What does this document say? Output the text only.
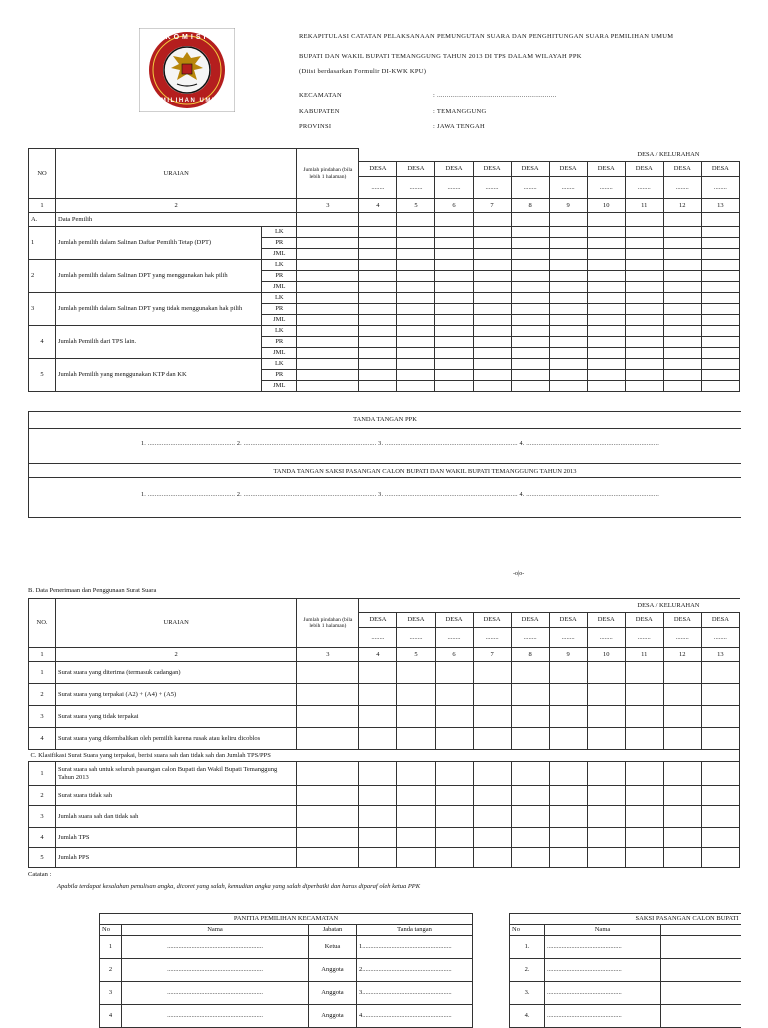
KOMISI
PEMILIHAN UMUM
REKAPITULASI CATATAN PELAKSANAAN PEMUNGUTAN SUARA DAN PENGHITUNGAN SUARA PEMILIHAN UMUM
BUPATI DAN WAKIL BUPATI TEMANGGUNG TAHUN 2013 DI TPS DALAM WILAYAH PPK
(Diisi berdasarkan Formulir DI-KWK KPU)
KECAMATAN	: ..............................................................
KABUPATEN	: TEMANGGUNG
PROVINSI	: JAWA TENGAH
NO	URAIAN		Jumlah pindahan (bila lebih 1 halaman)	DESA / KELURAHAN									
				DESA	DESA	DESA	DESA	DESA	DESA	DESA	DESA	DESA	DESA
				........	........	........	........	........	........	........	........	........	........
1	2		3	4	5	6	7	8	9	10	11	12	13
A.	Data Pemilih												
1	Jumlah pemilih dalam Salinan Daftar Pemilih Tetap (DPT)	LK											
		PR											
		JML											
2	Jumlah pemilih dalam Salinan DPT yang menggunakan hak pilih	LK											
		PR											
		JML											
3	Jumlah pemilih dalam Salinan DPT yang tidak menggunakan hak pilih	LK											
		PR											
		JML											
4	Jumlah Pemilih dari TPS lain.	LK											
		PR											
		JML											
5	Jumlah Pemilih yang menggunakan KTP dan KK	LK											
		PR											
		JML											
TANDA TANGAN PPK
1. .................................................. 2. ............................................................................ 3. ............................................................................ 4. ............................................................................
TANDA TANGAN SAKSI PASANGAN CALON BUPATI DAN WAKIL BUPATI TEMANGGUNG TAHUN 2013
1. .................................................. 2. ............................................................................ 3. ............................................................................ 4. ............................................................................
-o|o-
B. Data Penerimaan dan Penggunaan Surat Suara
NO.	URAIAN	Jumlah pindahan (bila lebih 1 halaman)	DESA / KELURAHAN									
			DESA	DESA	DESA	DESA	DESA	DESA	DESA	DESA	DESA	DESA
			........	........	........	........	........	........	........	........	........	........
1	2	3	4	5	6	7	8	9	10	11	12	13
1	Surat suara yang diterima (termasuk cadangan)											
2	Surat suara yang terpakai (A2) + (A4) + (A5)											
3	Surat suara yang tidak terpakai											
4	Surat suara yang dikembalikan oleh pemilih karena rusak atau keliru dicoblos											
C. Klasifikasi Surat Suara yang terpakai, berisi suara sah dan tidak sah dan Jumlah TPS/PPS												
1	Surat suara sah untuk seluruh pasangan calon Bupati dan Wakil Bupati Temanggung Tahun 2013											
2	Surat suara tidak sah											
3	Jumlah suara sah dan tidak sah											
4	Jumlah TPS											
5	Jumlah PPS											
Catatan :
Apabila terdapat kesalahan penulisan angka, dicoret yang salah, kemudian angka yang salah diperbaiki dan harus diparaf oleh ketua PPK
PANITIA PEMILIHAN KECAMATAN			
No	Nama	Jabatan	Tanda tangan
1	...........................................................	Ketua	1.......................................................
2	...........................................................	Anggota	2.......................................................
3	...........................................................	Anggota	3.......................................................
4	...........................................................	Anggota	4.......................................................
SAKSI PASANGAN CALON BUPATI		
No	Nama	
1.	..............................................	
2.	..............................................	
3.	..............................................	
4.	..............................................	
